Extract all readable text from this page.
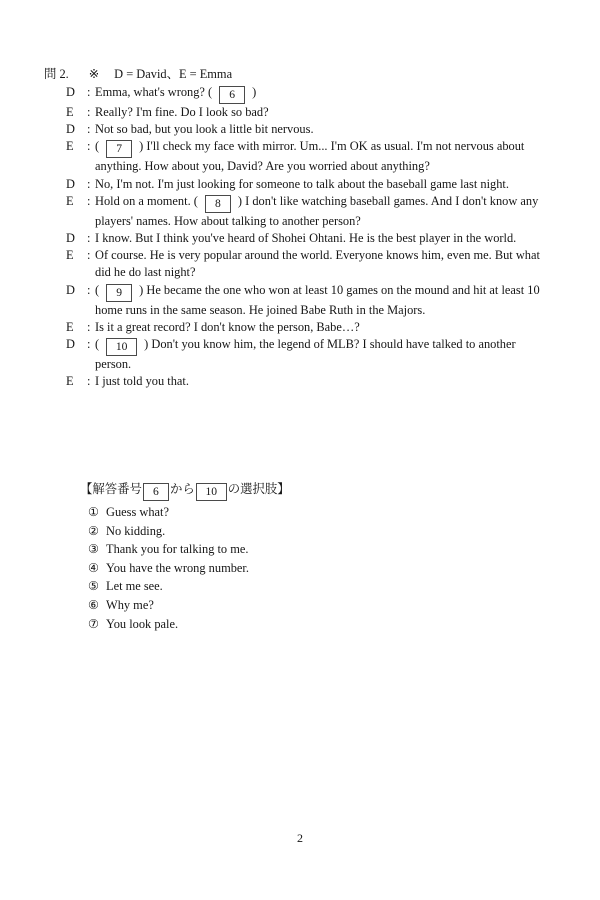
問 2. ※ D = David、E = Emma
D : Emma, what's wrong? ( 6 )
E	: Really? I'm fine. Do I look so bad?
D : Not so bad, but you look a little bit nervous.
E	: ( 7 ) I'll check my face with mirror. Um... I'm OK as usual. I'm not nervous about anything. How about you, David? Are you worried about anything?
D : No, I'm not. I'm just looking for someone to talk about the baseball game last night.
E	: Hold on a moment. ( 8 ) I don't like watching baseball games. And I don't know any players' names. How about talking to another person?
D : I know. But I think you've heard of Shohei Ohtani. He is the best player in the world.
E	: Of course. He is very popular around the world. Everyone knows him, even me. But what did he do last night?
D : ( 9 ) He became the one who won at least 10 games on the mound and hit at least 10 home runs in the same season. He joined Babe Ruth in the Majors.
E	: Is it a great record? I don't know the person, Babe…?
D : ( 10 ) Don't you know him, the legend of MLB? I should have talked to another person.
E	: I just told you that.
【解答番号 6 から 10 の選択肢】
① Guess what?
② No kidding.
③ Thank you for talking to me.
④ You have the wrong number.
⑤ Let me see.
⑥ Why me?
⑦ You look pale.
2
